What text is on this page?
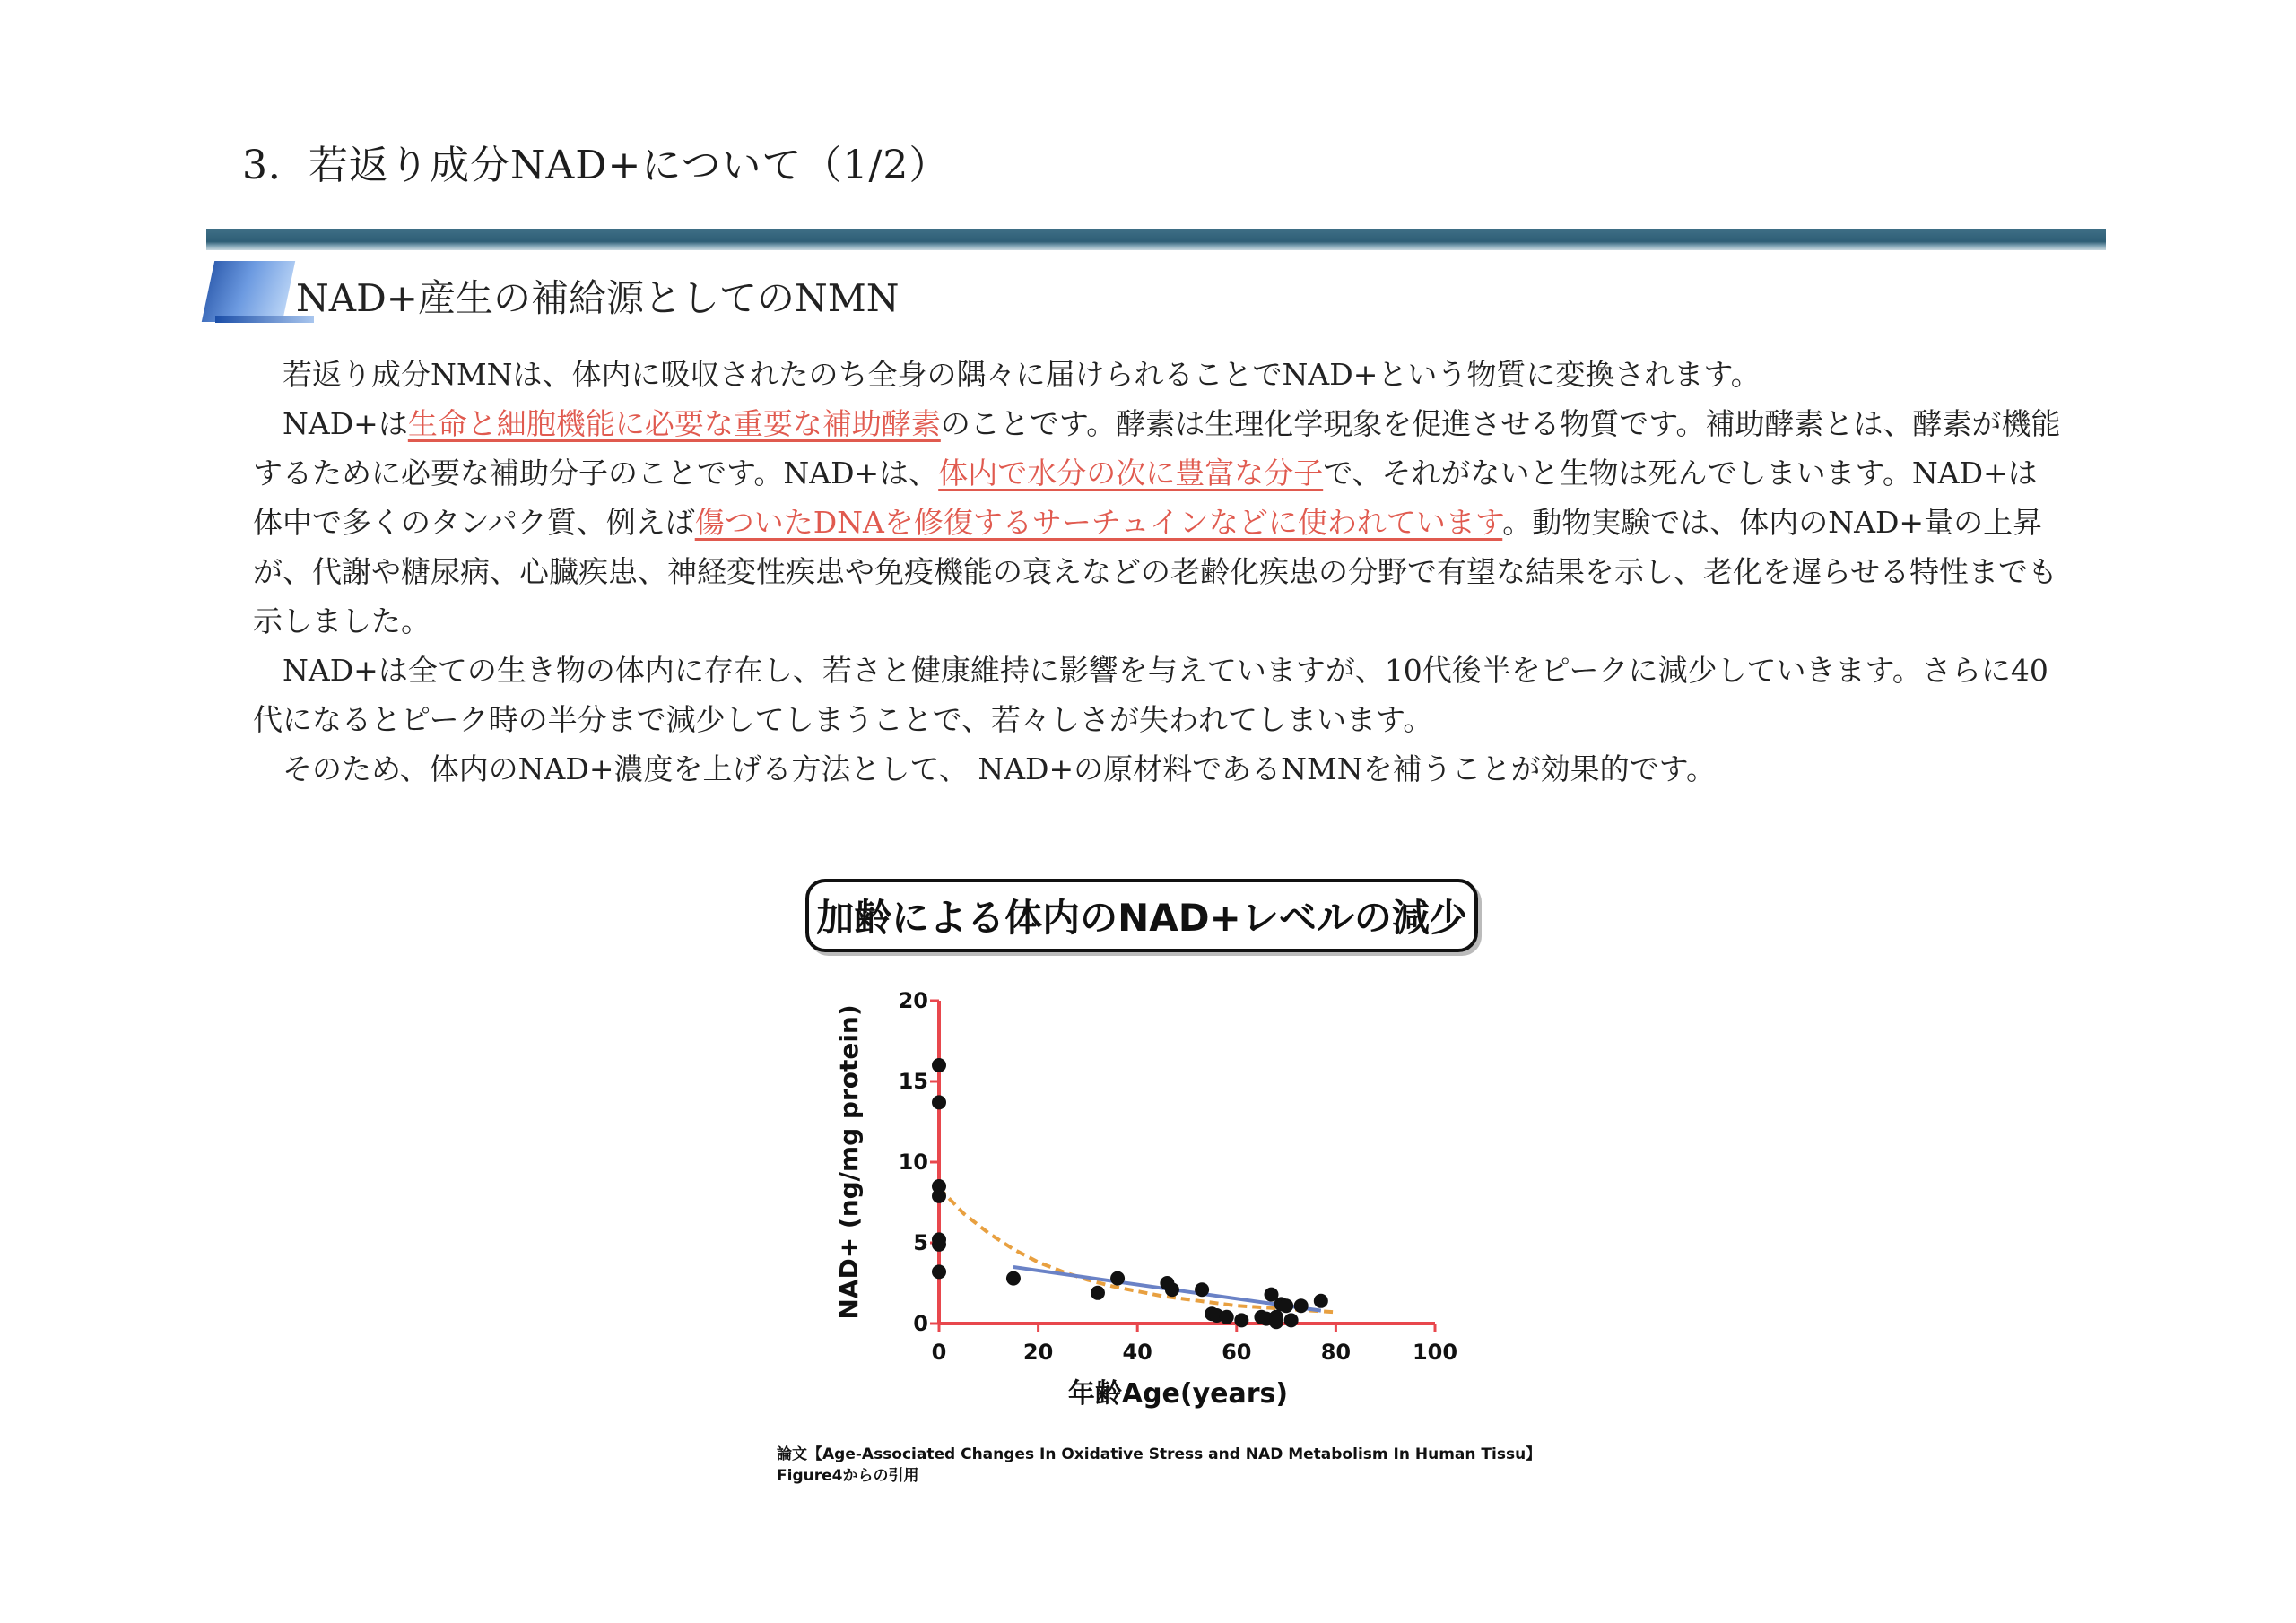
3．若返り成分NAD+について（1/2）
NAD+産生の補給源としてのNMN

　若返り成分NMNは、体内に吸収されたのち全身の隅々に届けられることでNAD+という物質に変換されます。

　NAD+は生命と細胞機能に必要な重要な補助酵素のことです。酵素は生理化学現象を促進させる物質です。補助酵素とは、酵素が機能するために必要な補助分子のことです。NAD+は、体内で水分の次に豊富な分子で、それがないと生物は死んでしまいます。NAD+は体中で多くのタンパク質、例えば傷ついたDNAを修復するサーチュインなどに使われています。動物実験では、体内のNAD+量の上昇が、代謝や糖尿病、心臓疾患、神経変性疾患や免疫機能の衰えなどの老齢化疾患の分野で有望な結果を示し、老化を遅らせる特性までも示しました。

　NAD+は全ての生き物の体内に存在し、若さと健康維持に影響を与えていますが、10代後半をピークに減少していきます。さらに40代になるとピーク時の半分まで減少してしまうことで、若々しさが失われてしまいます。

　そのため、体内のNAD+濃度を上げる方法として、 NAD+の原材料であるNMNを補うことが効果的です。

加齢による体内のNAD+レベルの減少
0	20	40	60	80	100
0
5
10
15
20
年齢Age(years)
NAD+ (ng/mg protein)
論文【Age-Associated Changes In Oxidative Stress and NAD Metabolism In Human Tissu】
Figure4からの引用
